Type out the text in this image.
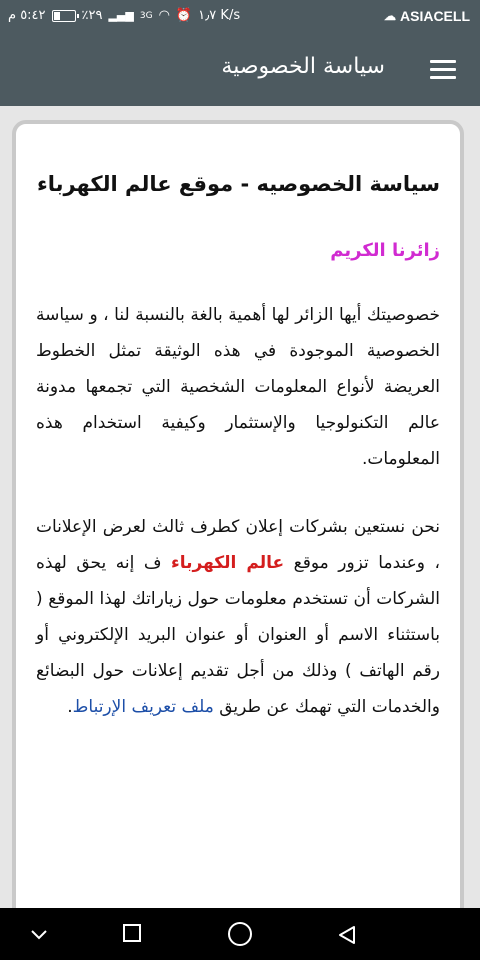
٥:٤٢ م	٪٢٩ ▂▄▆ 3G ◠ ⏰ ١٫٧ K/s	☁ ASIACELL
سياسة الخصوصية
سياسة الخصوصيه - موقع عالم الكهرباء
زائرنا الكريم

خصوصيتك أيها الزائر لها أهمية بالغة بالنسبة لنا ، و سياسة الخصوصية الموجودة في هذه الوثيقة تمثل الخطوط العريضة لأنواع المعلومات الشخصية التي تجمعها مدونة عالم التكنولوجيا والإستثمار وكيفية استخدام هذه المعلومات.

نحن نستعين بشركات إعلان كطرف ثالث لعرض الإعلانات ، وعندما تزور موقع عالم الكهرباء ف إنه يحق لهذه الشركات أن تستخدم معلومات حول زياراتك لهذا الموقع ( باستثناء الاسم أو العنوان أو عنوان البريد الإلكتروني أو رقم الهاتف ) وذلك من أجل تقديم إعلانات حول البضائع والخدمات التي تهمك عن طريق ملف تعريف الإرتباط.
